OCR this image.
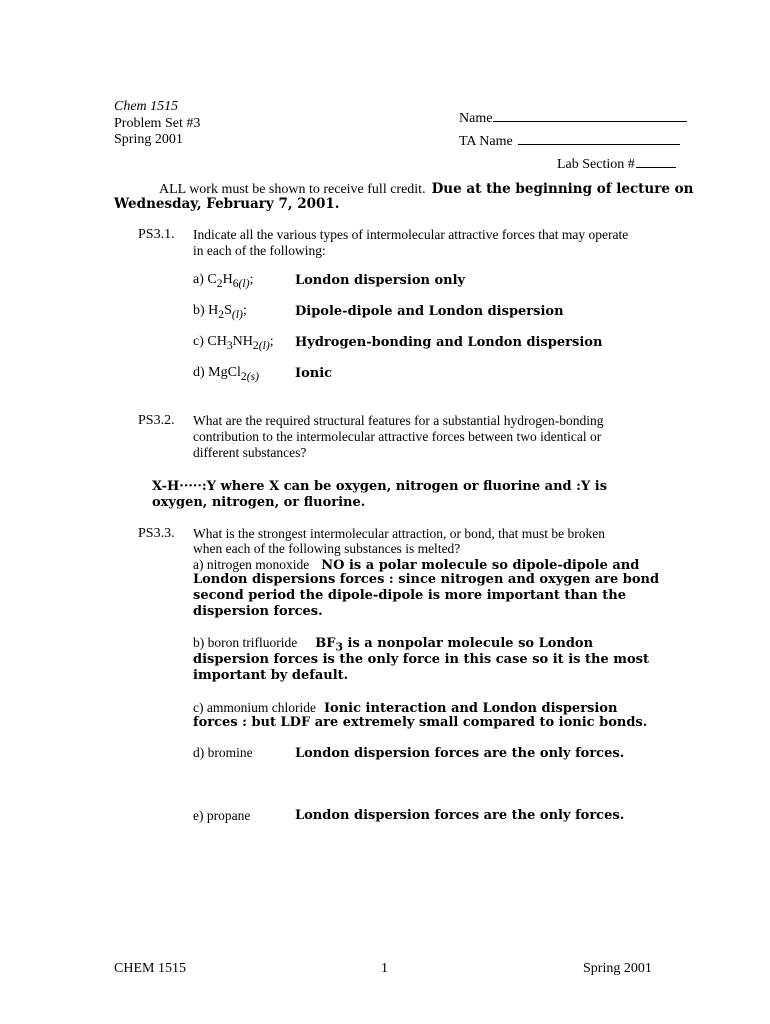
Chem 1515
Problem Set #3
Spring 2001
Name
TA Name
Lab Section #
ALL work must be shown to receive full credit. Due at the beginning of lecture on
Wednesday, February 7, 2001.
PS3.1. Indicate all the various types of intermolecular attractive forces that may operate
in each of the following:
a) $C_2H_{6(l)}$;	London dispersion only
b) $H_2S_{(l)}$;	Dipole-dipole and London dispersion
c) $CH_3NH_{2(l)}$; Hydrogen-bonding and London dispersion
d) MgCl$_{2(s)}$	Ionic
PS3.2. What are the required structural features for a substantial hydrogen-bonding
contribution to the intermolecular attractive forces between two identical or
different substances?
X-H·····:Y where X can be oxygen, nitrogen or fluorine and :Y is
oxygen, nitrogen, or fluorine.
PS3.3. What is the strongest intermolecular attraction, or bond, that must be broken
when each of the following substances is melted?
a) nitrogen monoxide NO is a polar molecule so dipole-dipole and
London dispersions forces : since nitrogen and oxygen are bond
second period the dipole-dipole is more important than the
dispersion forces.
b) boron trifluoride $BF_3$ is a nonpolar molecule so London
dispersion forces is the only force in this case so it is the most
important by default.
c) ammonium chloride Ionic interaction and London dispersion
forces : but LDF are extremely small compared to ionic bonds.
d) bromine	London dispersion forces are the only forces.
e) propane	London dispersion forces are the only forces.
CHEM 1515	1	Spring 2001
